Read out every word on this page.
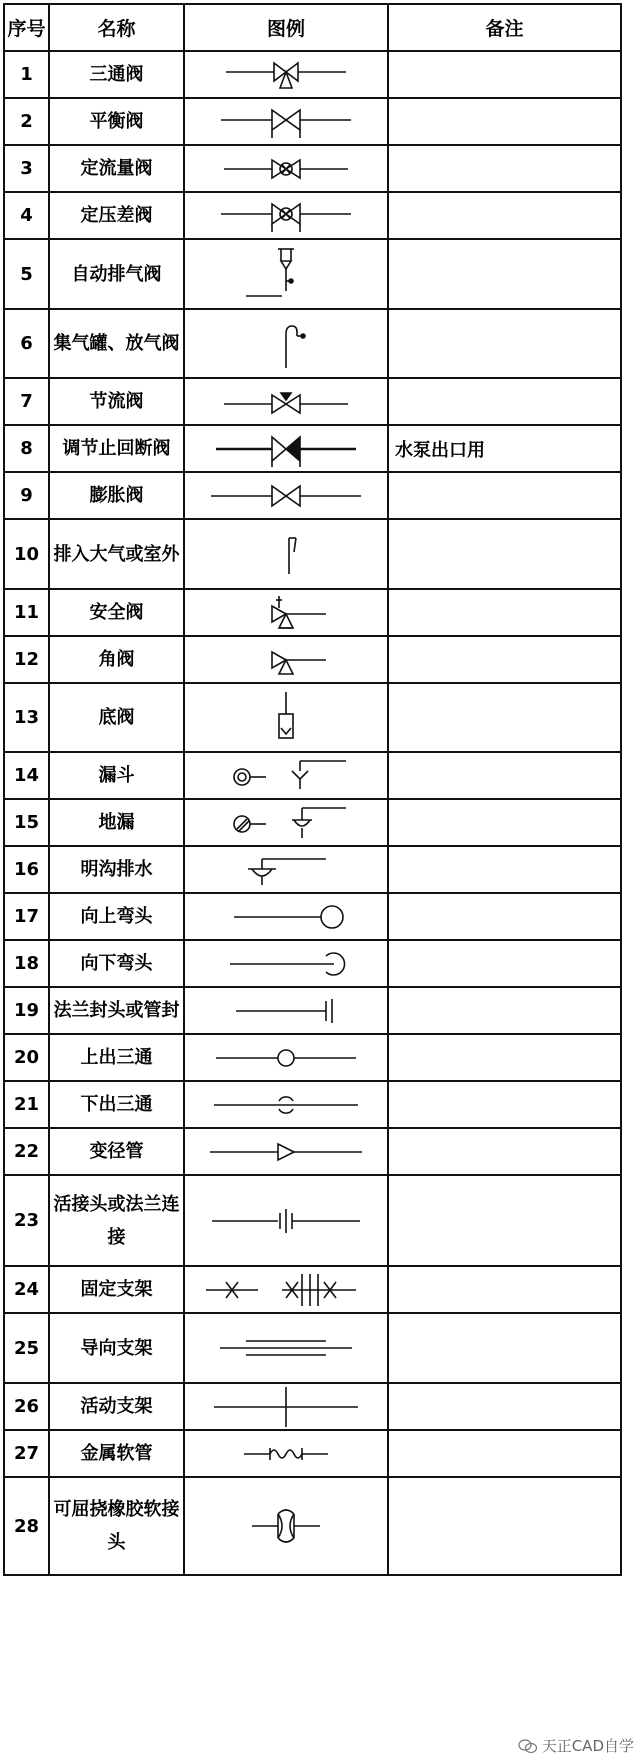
序号	名称	图例	备注
1	三通阀	

2	平衡阀	

3	定流量阀	

4	定压差阀	

5	自动排气阀	

6	集气罐、放气阀	

7	节流阀	

8	调节止回断阀		水泵出口用
9	膨胀阀	

10	排入大气或室外	

11	安全阀	

12	角阀	

13	底阀	

14	漏斗	

15	地漏	

16	明沟排水	

17	向上弯头	

18	向下弯头	

19	法兰封头或管封	

20	上出三通	

21	下出三通	

22	变径管	

23	活接头或法兰连接	

24	固定支架	

25	导向支架	

26	活动支架	

27	金属软管	

28	可屈挠橡胶软接头	

天正CAD自学
